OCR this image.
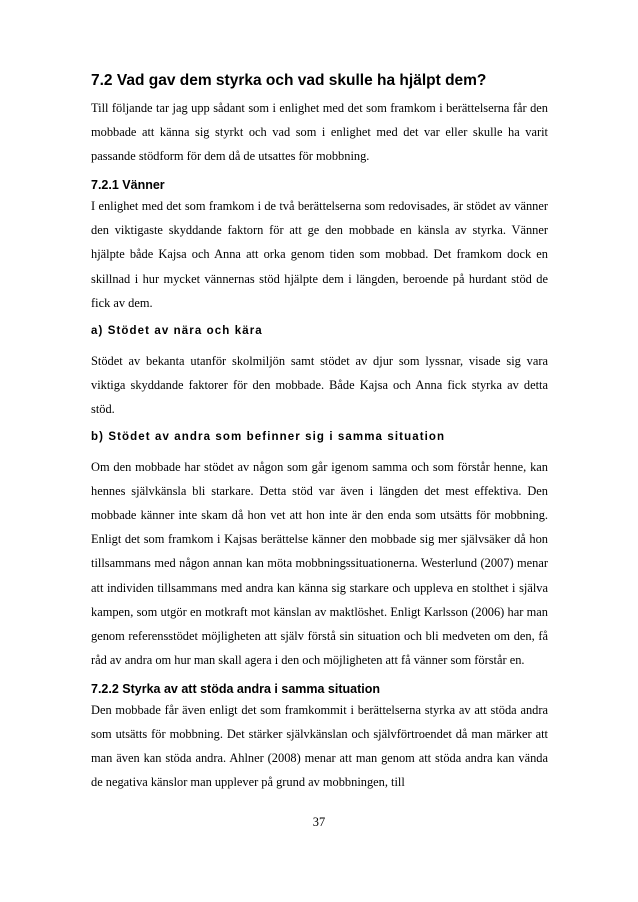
7.2 Vad gav dem styrka och vad skulle ha hjälpt dem?

Till följande tar jag upp sådant som i enlighet med det som framkom i berättelserna får den mobbade att känna sig styrkt och vad som i enlighet med det var eller skulle ha varit passande stödform för dem då de utsattes för mobbning.

7.2.1 Vänner

I enlighet med det som framkom i de två berättelserna som redovisades, är stödet av vänner den viktigaste skyddande faktorn för att ge den mobbade en känsla av styrka. Vänner hjälpte både Kajsa och Anna att orka genom tiden som mobbad. Det framkom dock en skillnad i hur mycket vännernas stöd hjälpte dem i längden, beroende på hurdant stöd de fick av dem.

a) Stödet av nära och kära

Stödet av bekanta utanför skolmiljön samt stödet av djur som lyssnar, visade sig vara viktiga skyddande faktorer för den mobbade. Både Kajsa och Anna fick styrka av detta stöd.

b) Stödet av andra som befinner sig i samma situation

Om den mobbade har stödet av någon som går igenom samma och som förstår henne, kan hennes självkänsla bli starkare. Detta stöd var även i längden det mest effektiva. Den mobbade känner inte skam då hon vet att hon inte är den enda som utsätts för mobbning. Enligt det som framkom i Kajsas berättelse känner den mobbade sig mer självsäker då hon tillsammans med någon annan kan möta mobbningssituationerna. Westerlund (2007) menar att individen tillsammans med andra kan känna sig starkare och uppleva en stolthet i själva kampen, som utgör en motkraft mot känslan av maktlöshet. Enligt Karlsson (2006) har man genom referensstödet möjligheten att själv förstå sin situation och bli medveten om den, få råd av andra om hur man skall agera i den och möjligheten att få vänner som förstår en.

7.2.2 Styrka av att stöda andra i samma situation

Den mobbade får även enligt det som framkommit i berättelserna styrka av att stöda andra som utsätts för mobbning. Det stärker självkänslan och självförtroendet då man märker att man även kan stöda andra. Ahlner (2008) menar att man genom att stöda andra kan vända de negativa känslor man upplever på grund av mobbningen, till

37
